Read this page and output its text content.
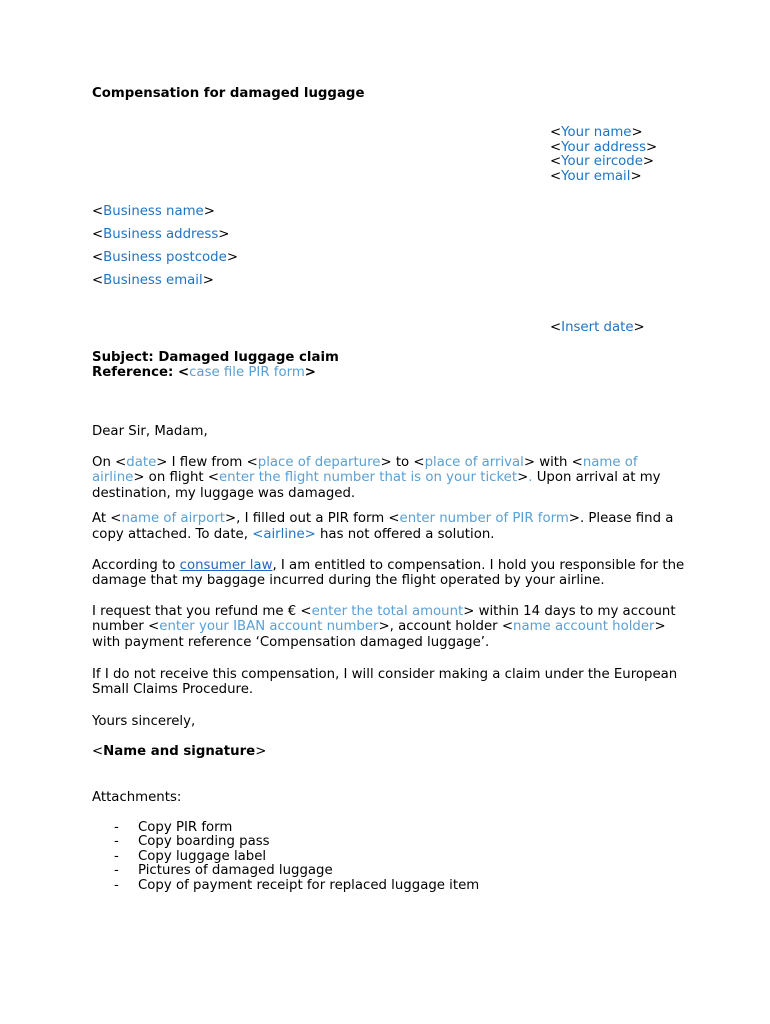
Compensation for damaged luggage
<Your name>
<Your address>
<Your eircode>
<Your email>
<Business name>
<Business address>
<Business postcode>
<Business email>
<Insert date>
Subject: Damaged luggage claim
Reference: <case file PIR form>

Dear Sir, Madam,

On <date> I flew from <place of departure> to <place of arrival> with <name of airline> on flight <enter the flight number that is on your ticket>. Upon arrival at my destination, my luggage was damaged.

At <name of airport>, I filled out a PIR form <enter number of PIR form>. Please find a copy attached. To date, <airline> has not offered a solution.

According to consumer law, I am entitled to compensation. I hold you responsible for the damage that my baggage incurred during the flight operated by your airline.

I request that you refund me € <enter the total amount> within 14 days to my account number <enter your IBAN account number>, account holder <name account holder> with payment reference ‘Compensation damaged luggage’.

If I do not receive this compensation, I will consider making a claim under the European Small Claims Procedure.

Yours sincerely,

<Name and signature>

Attachments:

- Copy PIR form
- Copy boarding pass
- Copy luggage label
- Pictures of damaged luggage
- Copy of payment receipt for replaced luggage item
